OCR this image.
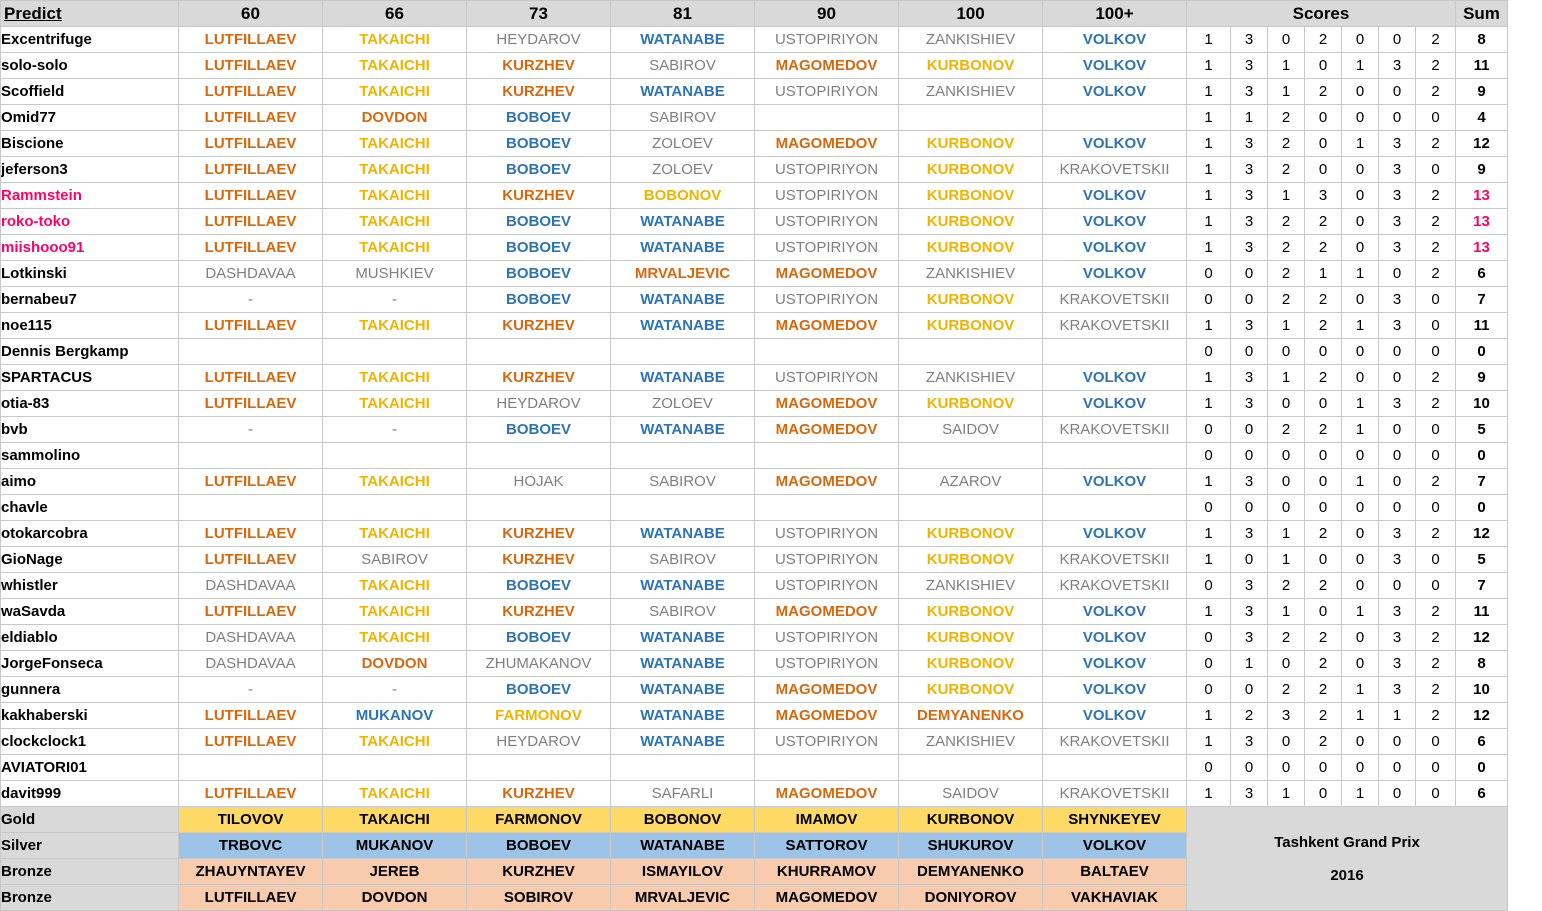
Predict	60	66	73	81	90	100	100+	Scores							Sum
Excentrifuge	LUTFILLAEV	TAKAICHI	HEYDAROV	WATANABE	USTOPIRIYON	ZANKISHIEV	VOLKOV	1	3	0	2	0	0	2	8
solo-solo	LUTFILLAEV	TAKAICHI	KURZHEV	SABIROV	MAGOMEDOV	KURBONOV	VOLKOV	1	3	1	0	1	3	2	11
Scoffield	LUTFILLAEV	TAKAICHI	KURZHEV	WATANABE	USTOPIRIYON	ZANKISHIEV	VOLKOV	1	3	1	2	0	0	2	9
Omid77	LUTFILLAEV	DOVDON	BOBOEV	SABIROV				1	1	2	0	0	0	0	4
Biscione	LUTFILLAEV	TAKAICHI	BOBOEV	ZOLOEV	MAGOMEDOV	KURBONOV	VOLKOV	1	3	2	0	1	3	2	12
jeferson3	LUTFILLAEV	TAKAICHI	BOBOEV	ZOLOEV	USTOPIRIYON	KURBONOV	KRAKOVETSKII	1	3	2	0	0	3	0	9
Rammstein	LUTFILLAEV	TAKAICHI	KURZHEV	BOBONOV	USTOPIRIYON	KURBONOV	VOLKOV	1	3	1	3	0	3	2	13
roko-toko	LUTFILLAEV	TAKAICHI	BOBOEV	WATANABE	USTOPIRIYON	KURBONOV	VOLKOV	1	3	2	2	0	3	2	13
miishooo91	LUTFILLAEV	TAKAICHI	BOBOEV	WATANABE	USTOPIRIYON	KURBONOV	VOLKOV	1	3	2	2	0	3	2	13
Lotkinski	DASHDAVAA	MUSHKIEV	BOBOEV	MRVALJEVIC	MAGOMEDOV	ZANKISHIEV	VOLKOV	0	0	2	1	1	0	2	6
bernabeu7	-	-	BOBOEV	WATANABE	USTOPIRIYON	KURBONOV	KRAKOVETSKII	0	0	2	2	0	3	0	7
noe115	LUTFILLAEV	TAKAICHI	KURZHEV	WATANABE	MAGOMEDOV	KURBONOV	KRAKOVETSKII	1	3	1	2	1	3	0	11
Dennis Bergkamp								0	0	0	0	0	0	0	0
SPARTACUS	LUTFILLAEV	TAKAICHI	KURZHEV	WATANABE	USTOPIRIYON	ZANKISHIEV	VOLKOV	1	3	1	2	0	0	2	9
otia-83	LUTFILLAEV	TAKAICHI	HEYDAROV	ZOLOEV	MAGOMEDOV	KURBONOV	VOLKOV	1	3	0	0	1	3	2	10
bvb	-	-	BOBOEV	WATANABE	MAGOMEDOV	SAIDOV	KRAKOVETSKII	0	0	2	2	1	0	0	5
sammolino								0	0	0	0	0	0	0	0
aimo	LUTFILLAEV	TAKAICHI	HOJAK	SABIROV	MAGOMEDOV	AZAROV	VOLKOV	1	3	0	0	1	0	2	7
chavle								0	0	0	0	0	0	0	0
otokarcobra	LUTFILLAEV	TAKAICHI	KURZHEV	WATANABE	USTOPIRIYON	KURBONOV	VOLKOV	1	3	1	2	0	3	2	12
GioNage	LUTFILLAEV	SABIROV	KURZHEV	SABIROV	USTOPIRIYON	KURBONOV	KRAKOVETSKII	1	0	1	0	0	3	0	5
whistler	DASHDAVAA	TAKAICHI	BOBOEV	WATANABE	USTOPIRIYON	ZANKISHIEV	KRAKOVETSKII	0	3	2	2	0	0	0	7
waSavda	LUTFILLAEV	TAKAICHI	KURZHEV	SABIROV	MAGOMEDOV	KURBONOV	VOLKOV	1	3	1	0	1	3	2	11
eldiablo	DASHDAVAA	TAKAICHI	BOBOEV	WATANABE	USTOPIRIYON	KURBONOV	VOLKOV	0	3	2	2	0	3	2	12
JorgeFonseca	DASHDAVAA	DOVDON	ZHUMAKANOV	WATANABE	USTOPIRIYON	KURBONOV	VOLKOV	0	1	0	2	0	3	2	8
gunnera	-	-	BOBOEV	WATANABE	MAGOMEDOV	KURBONOV	VOLKOV	0	0	2	2	1	3	2	10
kakhaberski	LUTFILLAEV	MUKANOV	FARMONOV	WATANABE	MAGOMEDOV	DEMYANENKO	VOLKOV	1	2	3	2	1	1	2	12
clockclock1	LUTFILLAEV	TAKAICHI	HEYDAROV	WATANABE	USTOPIRIYON	ZANKISHIEV	KRAKOVETSKII	1	3	0	2	0	0	0	6
AVIATORI01								0	0	0	0	0	0	0	0
davit999	LUTFILLAEV	TAKAICHI	KURZHEV	SAFARLI	MAGOMEDOV	SAIDOV	KRAKOVETSKII	1	3	1	0	1	0	0	6
Gold	TILOVOV	TAKAICHI	FARMONOV	BOBONOV	IMAMOV	KURBONOV	SHYNKEYEV	Tashkent Grand Prix
2016							

Silver	TRBOVC	MUKANOV	BOBOEV	WATANABE	SATTOROV	SHUKUROV	VOLKOV								
Bronze	ZHAUYNTAYEV	JEREB	KURZHEV	ISMAYILOV	KHURRAMOV	DEMYANENKO	BALTAEV								
Bronze	LUTFILLAEV	DOVDON	SOBIROV	MRVALJEVIC	MAGOMEDOV	DONIYOROV	VAKHAVIAK								
